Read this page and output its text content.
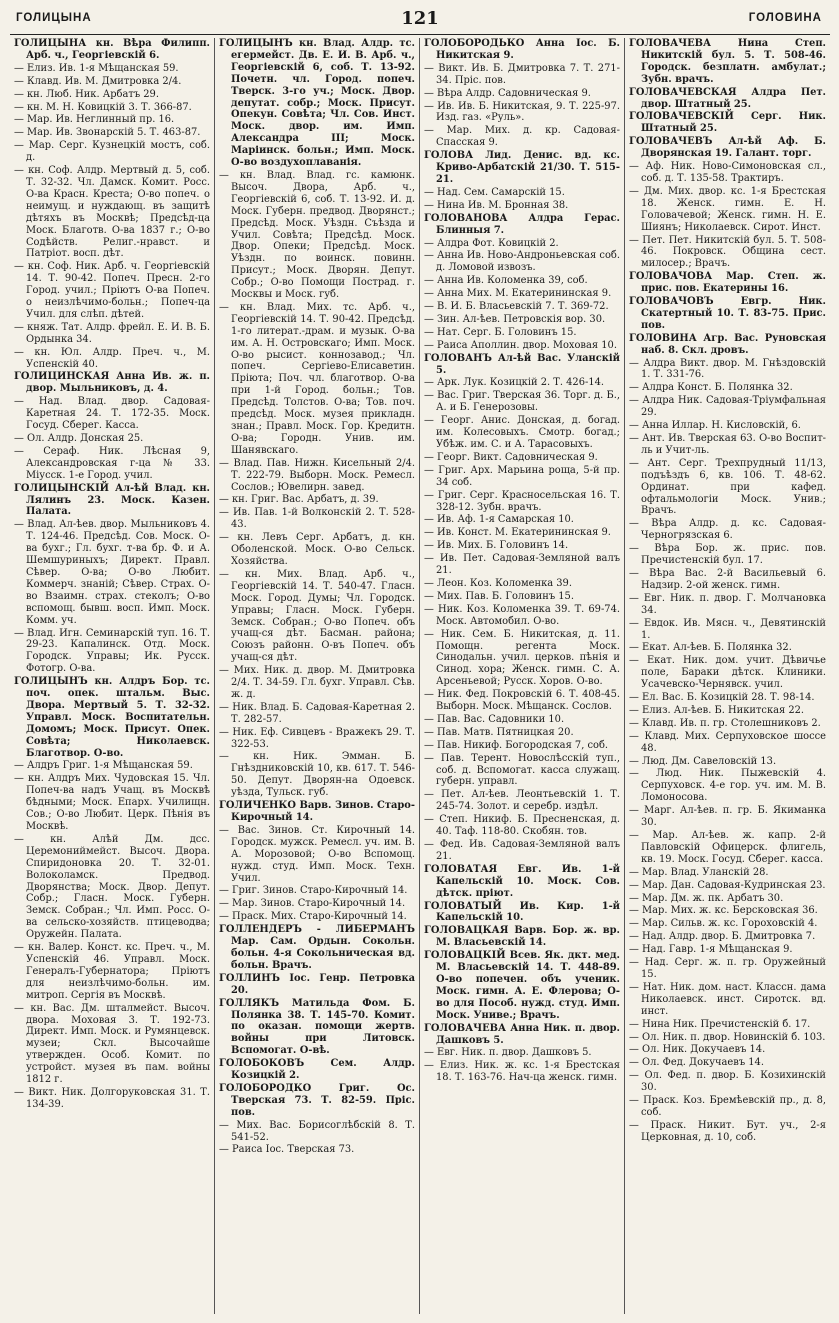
ГОЛИЦЫНА	121	ГОЛОВИНА

ГОЛИЦЫНА кн. Вѣра Филипп. Арб. ч., Георгіевскій 6.

— Елиз. Ив. 1-я Мѣщанская 59.

— Клавд. Ив. М. Дмитровка 2/4.

— кн. Люб. Ник. Арбатъ 29.

— кн. М. Н. Ковицкій 3. Т. 366-87.

— Мар. Ив. Неглинный пр. 16.

— Мар. Ив. Звонарскій 5. Т. 463-87.

— Мар. Серг. Кузнецкій мостъ, соб. д.

— кн. Соф. Алдр. Мертвый д. 5, соб. Т. 32-32. Чл. Дамск. Комит. Росс. О-ва Красн. Креста; О-во попеч. о неимущ. и нуждающ. въ защитѣ дѣтяхъ въ Москвѣ; Предсѣд-ца Моск. Благотв. О-ва 1837 г.; О-во Содѣйств. Религ.-нравст. и Патріот. восп. дѣт.

— кн. Соф. Ник. Арб. ч. Георгіевскій 14. Т. 90-42. Попеч. Пресн. 2-го Город. учил.; Пріютъ О-ва Попеч. о неизлѣчимо-больн.; Попеч-ца Учил. для слѣп. дѣтей.

— княж. Тат. Алдр. фрейл. Е. И. В. Б. Ордынка 34.

— кн. Юл. Алдр. Преч. ч., М. Успенскій 40.

ГОЛИЦИНСКАЯ Анна Ив. ж. п. двор. Мыльниковъ, д. 4.

— Над. Влад. двор. Садовая-Каретная 24. Т. 172-35. Моск. Госуд. Сберег. Касса.

— Ол. Алдр. Донская 25.

— Сераф. Ник. Лѣсная 9, Александровская г-ца № 33. Міусск. 1-е Город. учил.

ГОЛИЦЫНСКІЙ Ал-ѣй Влад. кн. Лялинъ 23. Моск. Казен. Палата.

— Влад. Ал-ѣев. двор. Мыльниковъ 4. Т. 124-46. Предсѣд. Сов. Моск. О-ва бухг.; Гл. бухг. т-ва бр. Ф. и А. Шемшуриныхъ; Директ. Правл. Сѣвер. О-ва; О-во Любит. Коммерч. знаній; Сѣвер. Страх. О-во Взаимн. страх. стеколъ; О-во вспомощ. бывш. восп. Имп. Моск. Комм. уч.

— Влад. Игн. Семинарскій туп. 16. Т. 29-23. Капалинск. Отд. Моск. Городск. Управы; Ик. Русск. Фотогр. О-ва.

ГОЛИЦЫНЪ кн. Алдръ Бор. тс. поч. опек. штальм. Выс. Двора. Мертвый 5. Т. 32-32. Управл. Моск. Воспитательн. Домомъ; Моск. Присут. Опек. Совѣта; Николаевск. Благотвор. О-во.

— Алдръ Григ. 1-я Мѣщанская 59.

— кн. Алдръ Мих. Чудовская 15. Чл. Попеч-ва надъ Учащ. въ Москвѣ бѣдными; Моск. Епарх. Училищн. Сов.; О-во Любит. Церк. Пѣнія въ Москвѣ.

— кн. Алѣй Дм. дсс. Церемониймейст. Высоч. Двора. Спиридоновка 20. Т. 32-01. Волоколамск. Предвод. Дворянства; Моск. Двор. Депут. Собр.; Гласн. Моск. Губерн. Земск. Собран.; Чл. Имп. Росс. О-ва сельско-хозяйств. птицеводва; Оружейн. Палата.

— кн. Валер. Конст. кс. Преч. ч., М. Успенскій 46. Управл. Моск. Генералъ-Губернатора; Пріютъ для неизлѣчимо-больн. им. митроп. Сергія въ Москвѣ.

— кн. Вас. Дм. шталмейст. Высоч. двора. Моховая 3. Т. 192-73. Директ. Имп. Моск. и Румянцевск. музеи; Скл. Высочайше утвержден. Особ. Комит. по устройст. музея въ пам. войны 1812 г.

— Викт. Ник. Долгоруковская 31. Т. 134-39.

ГОЛИЦЫНЪ кн. Влад. Алдр. тс. егермейст. Дв. Е. И. В. Арб. ч., Георгіевскій 6, соб. Т. 13-92. Почетн. чл. Город. попеч. Тверск. 3-го уч.; Моск. Двор. депутат. собр.; Моск. Присут. Опекун. Совѣта; Чл. Сов. Инст. Моск. двор. им. Имп. Александра III; Моск. Маріинск. больн.; Имп. Моск. О-во воздухоплаванія.

— кн. Влад. Влад. гс. камюнк. Высоч. Двора, Арб. ч., Георгіевскій 6, соб. Т. 13-92. И. д. Моск. Губерн. предвод. Дворянст.; Предсѣд. Моск. Уѣздн. Съѣзда и Учил. Совѣта; Предсѣд. Моск. Двор. Опеки; Предсѣд. Моск. Уѣздн. по воинск. повинн. Присут.; Моск. Дворян. Депут. Собр.; О-во Помощи Пострад. г. Москвы и Моск. губ.

— кн. Влад. Мих. тс. Арб. ч., Георгіевскій 14. Т. 90-42. Предсѣд. 1-го литерат.-драм. и музык. О-ва им. А. Н. Островскаго; Имп. Моск. О-во рысист. коннозавод.; Чл. попеч. Сергіево-Елисаветин. Пріюта; Поч. чл. благотвор. О-ва при 1-й Город. больн.; Тов. Предсѣд. Толстов. О-ва; Тов. поч. предсѣд. Моск. музея прикладн. знан.; Правл. Моск. Гор. Кредитн. О-ва; Городн. Унив. им. Шанявскаго.

— Влад. Пав. Нижн. Кисельный 2/4. Т. 222-79. Выборн. Моск. Ремесл. Сослов.; Ювелирн. завед.

— кн. Григ. Вас. Арбатъ, д. 39.

— Ив. Пав. 1-й Волконскій 2. Т. 528-43.

— кн. Левъ Серг. Арбатъ, д. кн. Оболенской. Моск. О-во Сельск. Хозяйства.

— кн. Мих. Влад. Арб. ч., Георгіевскій 14. Т. 540-47. Гласн. Моск. Город. Думы; Чл. Городск. Управы; Гласн. Моск. Губерн. Земск. Собран.; О-во Попеч. объ учащ-ся дѣт. Басман. района; Союзъ районн. О-въ Попеч. объ учащ-ся дѣт.

— Мих. Ник. д. двор. М. Дмитровка 2/4. Т. 34-59. Гл. бухг. Управл. Сѣв. ж. д.

— Ник. Влад. Б. Садовая-Каретная 2. Т. 282-57.

— Ник. Еф. Сивцевъ - Вражекъ 29. Т. 322-53.

— кн. Ник. Эмман. Б. Гнѣздниковскій 10, кв. 617. Т. 546-50. Депут. Дворян-на Одоевск. уѣзда, Тульск. губ.

ГОЛИЧЕНКО Варв. Зинов. Старо-Кирочный 14.

— Вас. Зинов. Ст. Кирочный 14. Городск. мужск. Ремесл. уч. им. В. А. Морозовой; О-во Вспомощ. нужд. студ. Имп. Моск. Техн. Учил.

— Григ. Зинов. Старо-Кирочный 14.

— Мар. Зинов. Старо-Кирочный 14.

— Праск. Мих. Старо-Кирочный 14.

ГОЛЛЕНДЕРЪ - ЛИБЕРМАНЪ Мар. Сам. Ордын. Сокольн. больн. 4-я Сокольническая вд. больн. Врачъ.

ГОЛЛИНЪ Іос. Генр. Петровка 20.

ГОЛЛЯКЪ Матильда Фом. Б. Полянка 38. Т. 145-70. Комит. по оказан. помощи жертв. войны при Литовск. Вспомогат. О-вѣ.

ГОЛОБОКОВЪ Сем. Алдр. Козицкій 2.

ГОЛОБОРОДКО Григ. Ос. Тверская 73. Т. 82-59. Пріс. пов.

— Мих. Вас. Борисоглѣбскій 8. Т. 541-52.

— Раиса Іос. Тверская 73.

ГОЛОБОРОДЬКО Анна Іос. Б. Никитская 9.

— Викт. Ив. Б. Дмитровка 7. Т. 271-34. Пріс. пов.

— Вѣра Алдр. Садовническая 9.

— Ив. Ив. Б. Никитская, 9. Т. 225-97. Изд. газ. «Руль».

— Мар. Мих. д. кр. Садовая-Спасская 9.

ГОЛОВА Лид. Денис. вд. кс. Криво-Арбатскій 21/30. Т. 515-21.

— Над. Сем. Самарскій 15.

— Нина Ив. М. Бронная 38.

ГОЛОВАНОВА Алдра Герас. Блинныя 7.

— Алдра Фот. Ковицкій 2.

— Анна Ив. Ново-Андроньевская соб. д. Ломовой извозъ.

— Анна Ив. Коломенка 39, соб.

— Анна Мих. М. Екатерининская 9.

— В. И. Б. Власьевскій 7. Т. 369-72.

— Зин. Ал-ѣев. Петровскія вор. 30.

— Нат. Серг. Б. Головинъ 15.

— Раиса Аполлин. двор. Моховая 10.

ГОЛОВАНЪ Ал-ѣй Вас. Уланскій 5.

— Арк. Лук. Козицкій 2. Т. 426-14.

— Вас. Григ. Тверская 36. Торг. д. Б., А. и Б. Генерозовы.

— Георг. Анис. Донская, д. богад. им. Колесовыхъ. Смотр. богад.; Убѣж. им. С. и А. Тарасовыхъ.

— Георг. Викт. Садовническая 9.

— Григ. Арх. Марьина роща, 5-й пр. 34 соб.

— Григ. Серг. Красносельская 16. Т. 328-12. Зубн. врачъ.

— Ив. Аф. 1-я Самарская 10.

— Ив. Конст. М. Екатерининская 9.

— Ив. Мих. Б. Головинъ 14.

— Ив. Пет. Садовая-Земляной валъ 21.

— Леон. Коз. Коломенка 39.

— Мих. Пав. Б. Головинъ 15.

— Ник. Коз. Коломенка 39. Т. 69-74. Моск. Автомобил. О-во.

— Ник. Сем. Б. Никитская, д. 11. Помощн. регента Моск. Синодальн. учил. церков. пѣнія и Синод. хора; Женск. гимн. С. А. Арсеньевой; Русск. Хоров. О-во.

— Ник. Фед. Покровскій 6. Т. 408-45. Выборн. Моск. Мѣщанск. Сослов.

— Пав. Вас. Садовники 10.

— Пав. Матв. Пятницкая 20.

— Пав. Никиф. Богородская 7, соб.

— Пав. Терент. Новослѣсскій туп., соб. д. Вспомогат. касса служащ. губерн. управл.

— Пет. Ал-ѣев. Леонтьевскій 1. Т. 245-74. Золот. и серебр. издѣл.

— Степ. Никиф. Б. Пресненская, д. 40. Таф. 118-80. Скобян. тов.

— Фед. Ив. Садовая-Земляной валъ 21.

ГОЛОВАТАЯ Евг. Ив. 1-й Капельскій 10. Моск. Сов. дѣтск. пріют.

ГОЛОВАТЫЙ Ив. Кир. 1-й Капельскій 10.

ГОЛОВАЦКАЯ Варв. Бор. ж. вр. М. Власьевскій 14.

ГОЛОВАЦКІЙ Всев. Як. дкт. мед. М. Власьевскій 14. Т. 448-89. О-во попечен. объ ученик. Моск. гимн. А. Е. Флерова; О-во для Пособ. нужд. студ. Имп. Моск. Униве.; Врачъ.

ГОЛОВАЧЕВА Анна Ник. п. двор. Дашковъ 5.

— Евг. Ник. п. двор. Дашковъ 5.

— Елиз. Ник. ж. кс. 1-я Брестская 18. Т. 163-76. Нач-ца женск. гимн.

ГОЛОВАЧЕВА Нина Степ. Никитскій бул. 5. Т. 508-46. Городск. безплатн. амбулат.; Зубн. врачъ.

ГОЛОВАЧЕВСКАЯ Алдра Пет. двор. Штатный 25.

ГОЛОВАЧЕВСКІЙ Серг. Ник. Штатный 25.

ГОЛОВАЧЕВЪ Ал-ѣй Аф. Б. Дворянская 19. Галант. торг.

— Аф. Ник. Ново-Симоновская сл., соб. д. Т. 135-58. Трактиръ.

— Дм. Мих. двор. кс. 1-я Брестская 18. Женск. гимн. Е. Н. Головачевой; Женск. гимн. Н. Е. Шиянъ; Николаевск. Сирот. Инст.

— Пет. Пет. Никитскій бул. 5. Т. 508-46. Покровск. Община сест. милосер.; Врачъ.

ГОЛОВАЧОВА Мар. Степ. ж. прис. пов. Екатерины 16.

ГОЛОВАЧОВЪ Евгр. Ник. Скатертный 10. Т. 83-75. Прис. пов.

ГОЛОВИНА Агр. Вас. Руновская наб. 8. Скл. дровъ.

— Алдра Викт. двор. М. Гнѣздовскій 1. Т. 331-76.

— Алдра Конст. Б. Полянка 32.

— Алдра Ник. Садовая-Тріумфальная 29.

— Анна Иллар. Н. Кисловскій, 6.

— Ант. Ив. Тверская 63. О-во Воспит-ль и Учит-ль.

— Ант. Серг. Трехпрудный 11/13, подъѣздъ 6, кв. 106. Т. 48-62. Ординат. при кафед. офтальмологіи Моск. Унив.; Врачъ.

— Вѣра Алдр. д. кс. Садовая-Черногрязская 6.

— Вѣра Бор. ж. прис. пов. Пречистенскій бул. 17.

— Вѣра Вас. 2-й Васильевый 6. Надзир. 2-ой женск. гимн.

— Евг. Ник. п. двор. Г. Молчановка 34.

— Евдок. Ив. Мясн. ч., Девятинскій 1.

— Екат. Ал-ѣев. Б. Полянка 32.

— Екат. Ник. дом. учит. Дѣвичье поле, Бараки дѣтск. Клиники. Усачевско-Чернявск. учил.

— Ел. Вас. Б. Козицкій 28. Т. 98-14.

— Елиз. Ал-ѣев. Б. Никитская 22.

— Клавд. Ив. п. гр. Столешниковъ 2.

— Клавд. Мих. Серпуховское шоссе 48.

— Люд. Дм. Савеловскій 13.

— Люд. Ник. Пыжевскій 4. Серпуховск. 4-е гор. уч. им. М. В. Ломоносова.

— Марг. Ал-ѣев. п. гр. Б. Якиманка 30.

— Мар. Ал-ѣев. ж. капр. 2-й Павловскій Офицерск. флигель, кв. 19. Моск. Госуд. Сберег. касса.

— Мар. Влад. Уланскій 28.

— Мар. Дан. Садовая-Кудринская 23.

— Мар. Дм. ж. пк. Арбатъ 30.

— Мар. Мих. ж. кс. Берсковская 36.

— Мар. Сильв. ж. кс. Гороховскій 4.

— Над. Алдр. двор. Б. Дмитровка 7.

— Над. Гавр. 1-я Мѣщанская 9.

— Над. Серг. ж. п. гр. Оружейный 15.

— Нат. Ник. дом. наст. Классн. дама Николаевск. инст. Сиротск. вд. инст.

— Нина Ник. Пречистенскій б. 17.

— Ол. Ник. п. двор. Новинскій б. 103.

— Ол. Ник. Докучаевъ 14.

— Ол. Фед. Докучаевъ 14.

— Ол. Фед. п. двор. Б. Козихинскій 30.

— Праск. Коз. Бремѣевскій пр., д. 8, соб.

— Праск. Никит. Бут. уч., 2-я Церковная, д. 10, соб.
